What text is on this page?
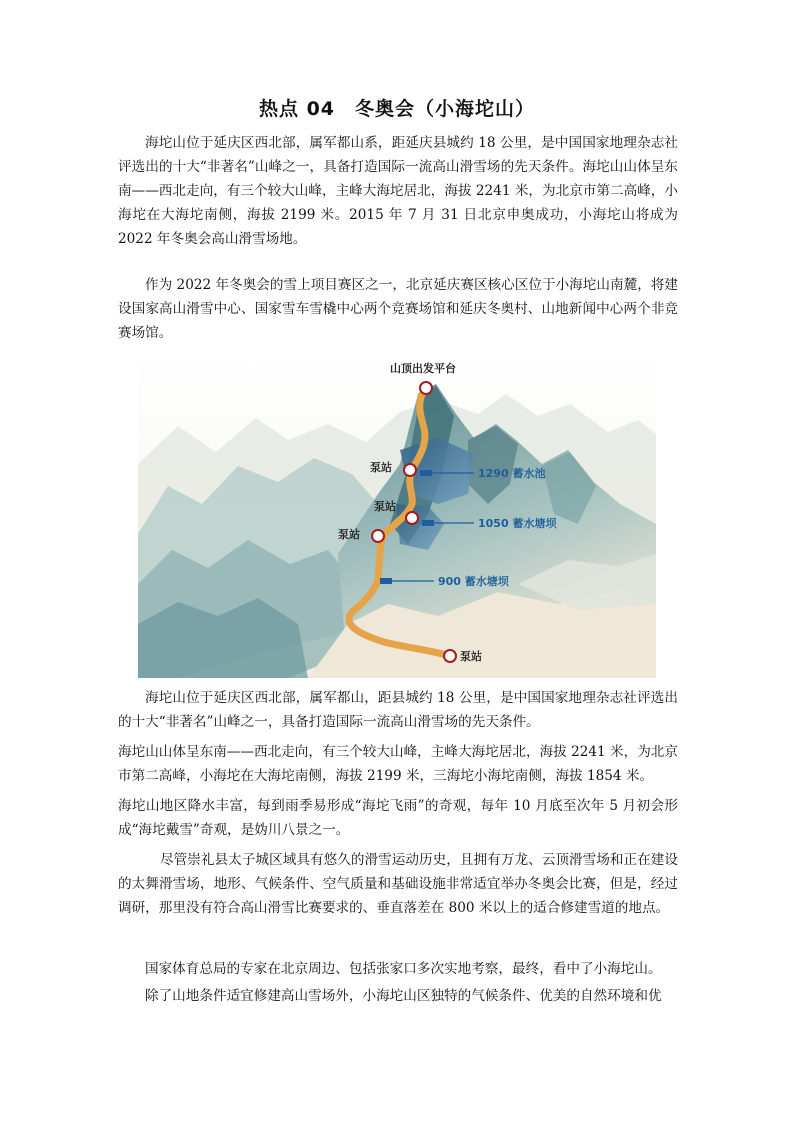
热点 04　冬奥会（小海坨山）

海坨山位于延庆区西北部，属军都山系，距延庆县城约 18 公里，是中国国家地理杂志社评选出的十大“非著名”山峰之一，具备打造国际一流高山滑雪场的先天条件。海坨山山体呈东南——西北走向，有三个较大山峰，主峰大海坨居北，海拔 2241 米，为北京市第二高峰，小海坨在大海坨南侧，海拔 2199 米。2015 年 7 月 31 日北京申奥成功，小海坨山将成为 2022 年冬奥会高山滑雪场地。

作为 2022 年冬奥会的雪上项目赛区之一，北京延庆赛区核心区位于小海坨山南麓，将建设国家高山滑雪中心、国家雪车雪橇中心两个竞赛场馆和延庆冬奥村、山地新闻中心两个非竞赛场馆。

山顶出发平台
泵站
泵站
泵站
泵站
1290 蓄水池
1050 蓄水塘坝
900 蓄水塘坝

海坨山位于延庆区西北部，属军都山，距县城约 18 公里，是中国国家地理杂志社评选出的十大“非著名”山峰之一，具备打造国际一流高山滑雪场的先天条件。

海坨山山体呈东南——西北走向，有三个较大山峰，主峰大海坨居北，海拔 2241 米，为北京市第二高峰，小海坨在大海坨南侧，海拔 2199 米，三海坨小海坨南侧，海拔 1854 米。

海坨山地区降水丰富，每到雨季易形成“海坨飞雨”的奇观，每年 10 月底至次年 5 月初会形成“海坨戴雪”奇观，是妫川八景之一。

尽管崇礼县太子城区域具有悠久的滑雪运动历史，且拥有万龙、云顶滑雪场和正在建设的太舞滑雪场，地形、气候条件、空气质量和基础设施非常适宜举办冬奥会比赛，但是，经过调研，那里没有符合高山滑雪比赛要求的、垂直落差在 800 米以上的适合修建雪道的地点。

国家体育总局的专家在北京周边、包括张家口多次实地考察，最终，看中了小海坨山。

除了山地条件适宜修建高山雪场外，小海坨山区独特的气候条件、优美的自然环境和优
